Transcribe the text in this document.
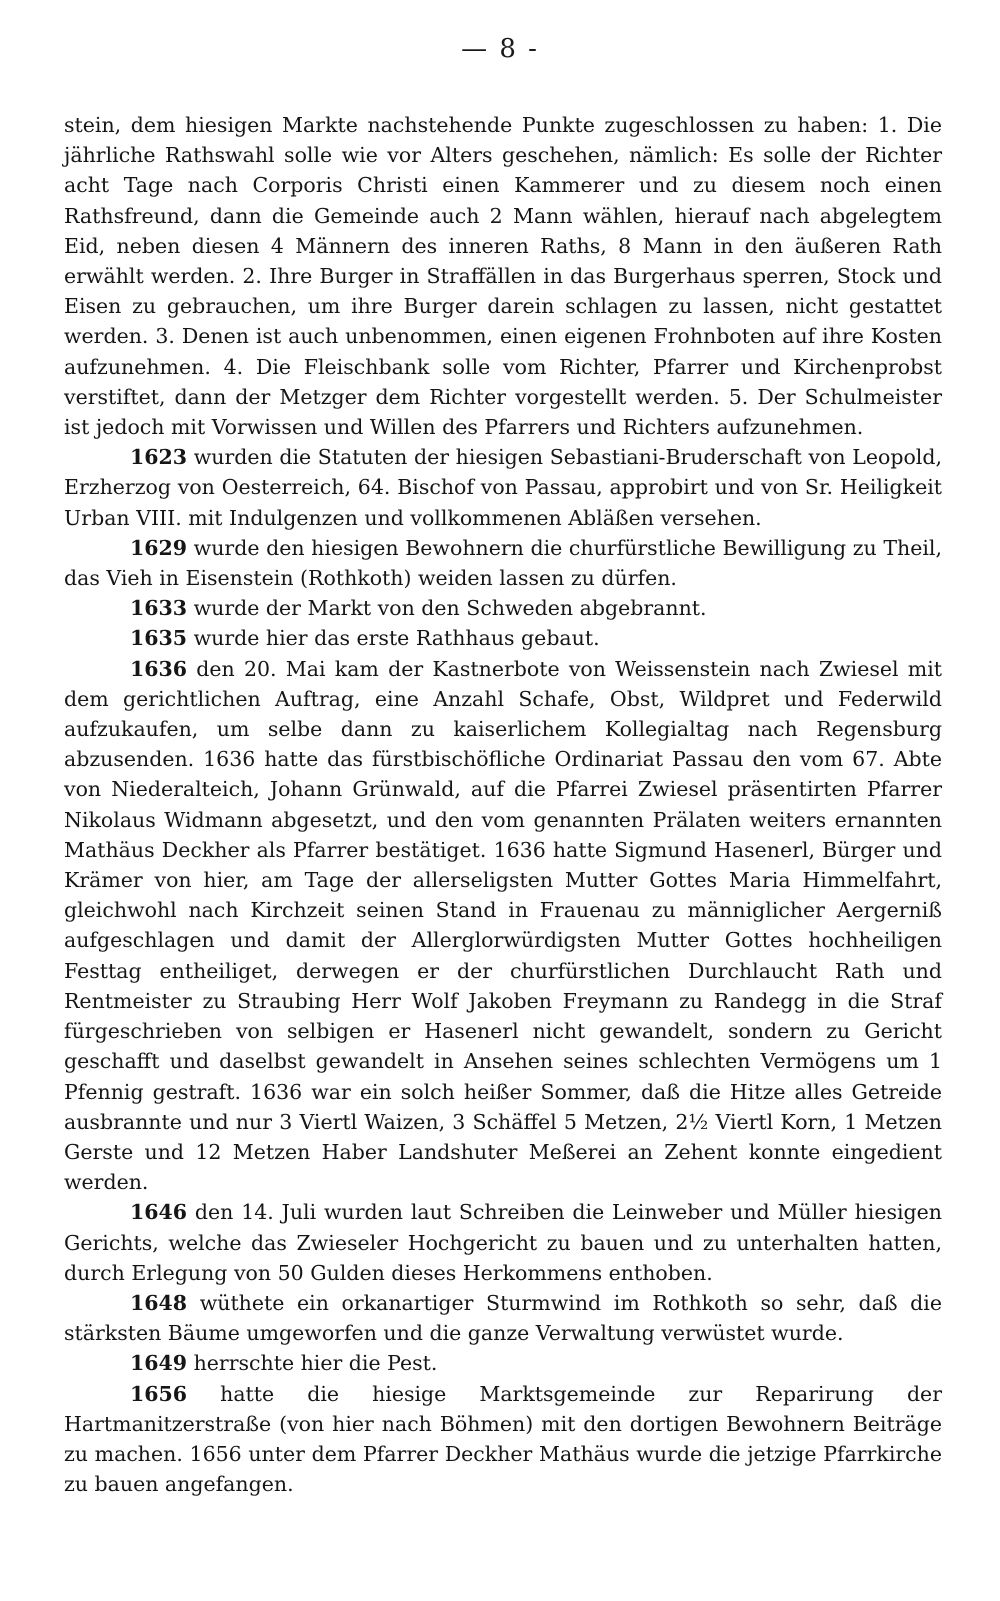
— 8 -

stein, dem hiesigen Markte nachstehende Punkte zugeschlossen zu haben: 1. Die jährliche Rathswahl solle wie vor Alters geschehen, nämlich: Es solle der Richter acht Tage nach Corporis Christi einen Kammerer und zu diesem noch einen Rathsfreund, dann die Gemeinde auch 2 Mann wählen, hierauf nach abgelegtem Eid, neben diesen 4 Männern des inneren Raths, 8 Mann in den äußeren Rath erwählt werden. 2. Ihre Burger in Straffällen in das Burgerhaus sperren, Stock und Eisen zu gebrauchen, um ihre Burger darein schlagen zu lassen, nicht gestattet werden. 3. Denen ist auch unbenommen, einen eigenen Frohnboten auf ihre Kosten aufzunehmen. 4. Die Fleischbank solle vom Richter, Pfarrer und Kirchenprobst verstiftet, dann der Metzger dem Richter vorgestellt werden. 5. Der Schulmeister ist jedoch mit Vorwissen und Willen des Pfarrers und Richters aufzunehmen.

1623 wurden die Statuten der hiesigen Sebastiani-Bruderschaft von Leopold, Erzherzog von Oesterreich, 64. Bischof von Passau, approbirt und von Sr. Heiligkeit Urban VIII. mit Indulgenzen und vollkommenen Abläßen versehen.

1629 wurde den hiesigen Bewohnern die churfürstliche Bewilligung zu Theil, das Vieh in Eisenstein (Rothkoth) weiden lassen zu dürfen.

1633 wurde der Markt von den Schweden abgebrannt.

1635 wurde hier das erste Rathhaus gebaut.

1636 den 20. Mai kam der Kastnerbote von Weissenstein nach Zwiesel mit dem gerichtlichen Auftrag, eine Anzahl Schafe, Obst, Wildpret und Federwild aufzukaufen, um selbe dann zu kaiserlichem Kollegialtag nach Regensburg abzusenden. 1636 hatte das fürstbischöfliche Ordinariat Passau den vom 67. Abte von Niederalteich, Johann Grünwald, auf die Pfarrei Zwiesel präsentirten Pfarrer Nikolaus Widmann abgesetzt, und den vom genannten Prälaten weiters ernannten Mathäus Deckher als Pfarrer bestätiget. 1636 hatte Sigmund Hasenerl, Bürger und Krämer von hier, am Tage der allerseligsten Mutter Gottes Maria Himmelfahrt, gleichwohl nach Kirchzeit seinen Stand in Frauenau zu männiglicher Aergerniß aufgeschlagen und damit der Allerglorwürdigsten Mutter Gottes hochheiligen Festtag entheiliget, derwegen er der churfürstlichen Durchlaucht Rath und Rentmeister zu Straubing Herr Wolf Jakoben Freymann zu Randegg in die Straf fürgeschrieben von selbigen er Hasenerl nicht gewandelt, sondern zu Gericht geschafft und daselbst gewandelt in Ansehen seines schlechten Vermögens um 1 Pfennig gestraft. 1636 war ein solch heißer Sommer, daß die Hitze alles Getreide ausbrannte und nur 3 Viertl Waizen, 3 Schäffel 5 Metzen, 2½ Viertl Korn, 1 Metzen Gerste und 12 Metzen Haber Landshuter Meßerei an Zehent konnte eingedient werden.

1646 den 14. Juli wurden laut Schreiben die Leinweber und Müller hiesigen Gerichts, welche das Zwieseler Hochgericht zu bauen und zu unterhalten hatten, durch Erlegung von 50 Gulden dieses Herkommens enthoben.

1648 wüthete ein orkanartiger Sturmwind im Rothkoth so sehr, daß die stärksten Bäume umgeworfen und die ganze Verwaltung verwüstet wurde.

1649 herrschte hier die Pest.

1656 hatte die hiesige Marktsgemeinde zur Reparirung der Hartmanitzerstraße (von hier nach Böhmen) mit den dortigen Bewohnern Beiträge zu machen. 1656 unter dem Pfarrer Deckher Mathäus wurde die jetzige Pfarrkirche zu bauen angefangen.
